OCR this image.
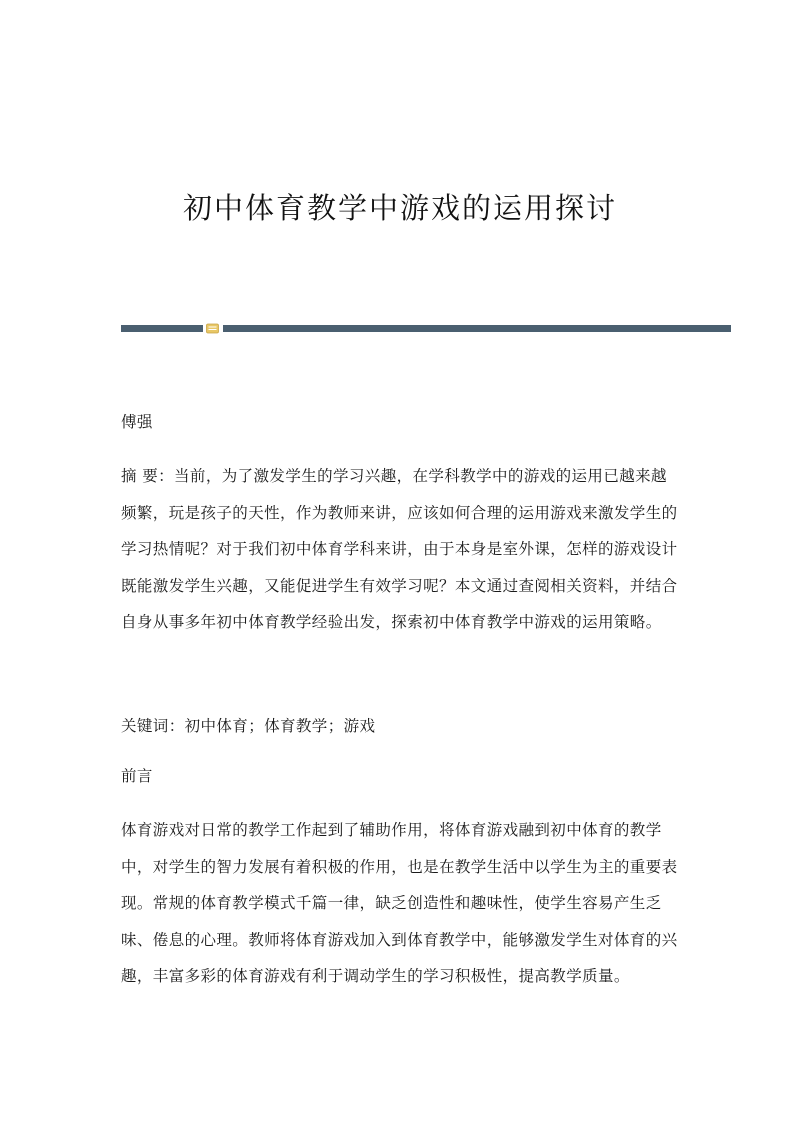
初中体育教学中游戏的运用探讨

傅强

摘 要：当前，为了激发学生的学习兴趣，在学科教学中的游戏的运用已越来越频繁，玩是孩子的天性，作为教师来讲，应该如何合理的运用游戏来激发学生的学习热情呢？对于我们初中体育学科来讲，由于本身是室外课，怎样的游戏设计既能激发学生兴趣，又能促进学生有效学习呢？本文通过查阅相关资料，并结合自身从事多年初中体育教学经验出发，探索初中体育教学中游戏的运用策略。

关键词：初中体育；体育教学；游戏

前言

体育游戏对日常的教学工作起到了辅助作用，将体育游戏融到初中体育的教学中，对学生的智力发展有着积极的作用，也是在教学生活中以学生为主的重要表现。常规的体育教学模式千篇一律，缺乏创造性和趣味性，使学生容易产生乏味、倦息的心理。教师将体育游戏加入到体育教学中，能够激发学生对体育的兴趣，丰富多彩的体育游戏有利于调动学生的学习积极性，提高教学质量。
